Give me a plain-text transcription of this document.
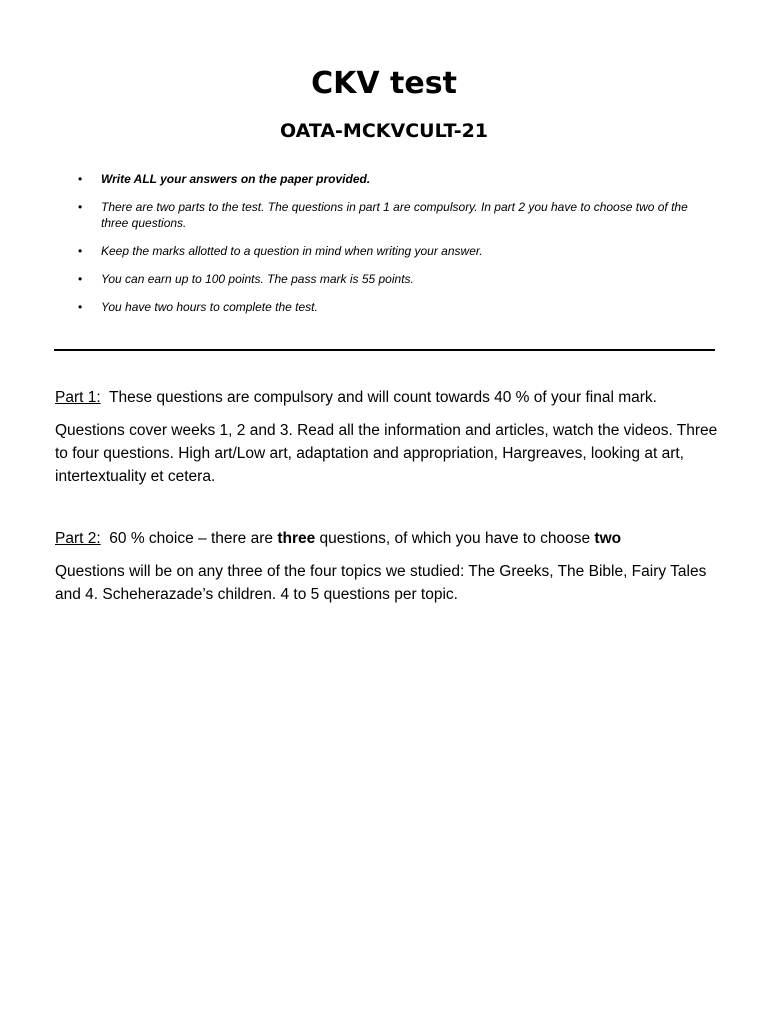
CKV test
OATA-MCKVCULT-21
• Write ALL your answers on the paper provided.
• There are two parts to the test. The questions in part 1 are compulsory. In part 2 you have to choose two of the three questions.
• Keep the marks allotted to a question in mind when writing your answer.
• You can earn up to 100 points. The pass mark is 55 points.
• You have two hours to complete the test.

Part 1: These questions are compulsory and will count towards 40 % of your final mark.

Questions cover weeks 1, 2 and 3. Read all the information and articles, watch the videos. Three to four questions. High art/Low art, adaptation and appropriation, Hargreaves, looking at art, intertextuality et cetera.

Part 2: 60 % choice – there are three questions, of which you have to choose two

Questions will be on any three of the four topics we studied: The Greeks, The Bible, Fairy Tales and 4. Scheherazade’s children. 4 to 5 questions per topic.
